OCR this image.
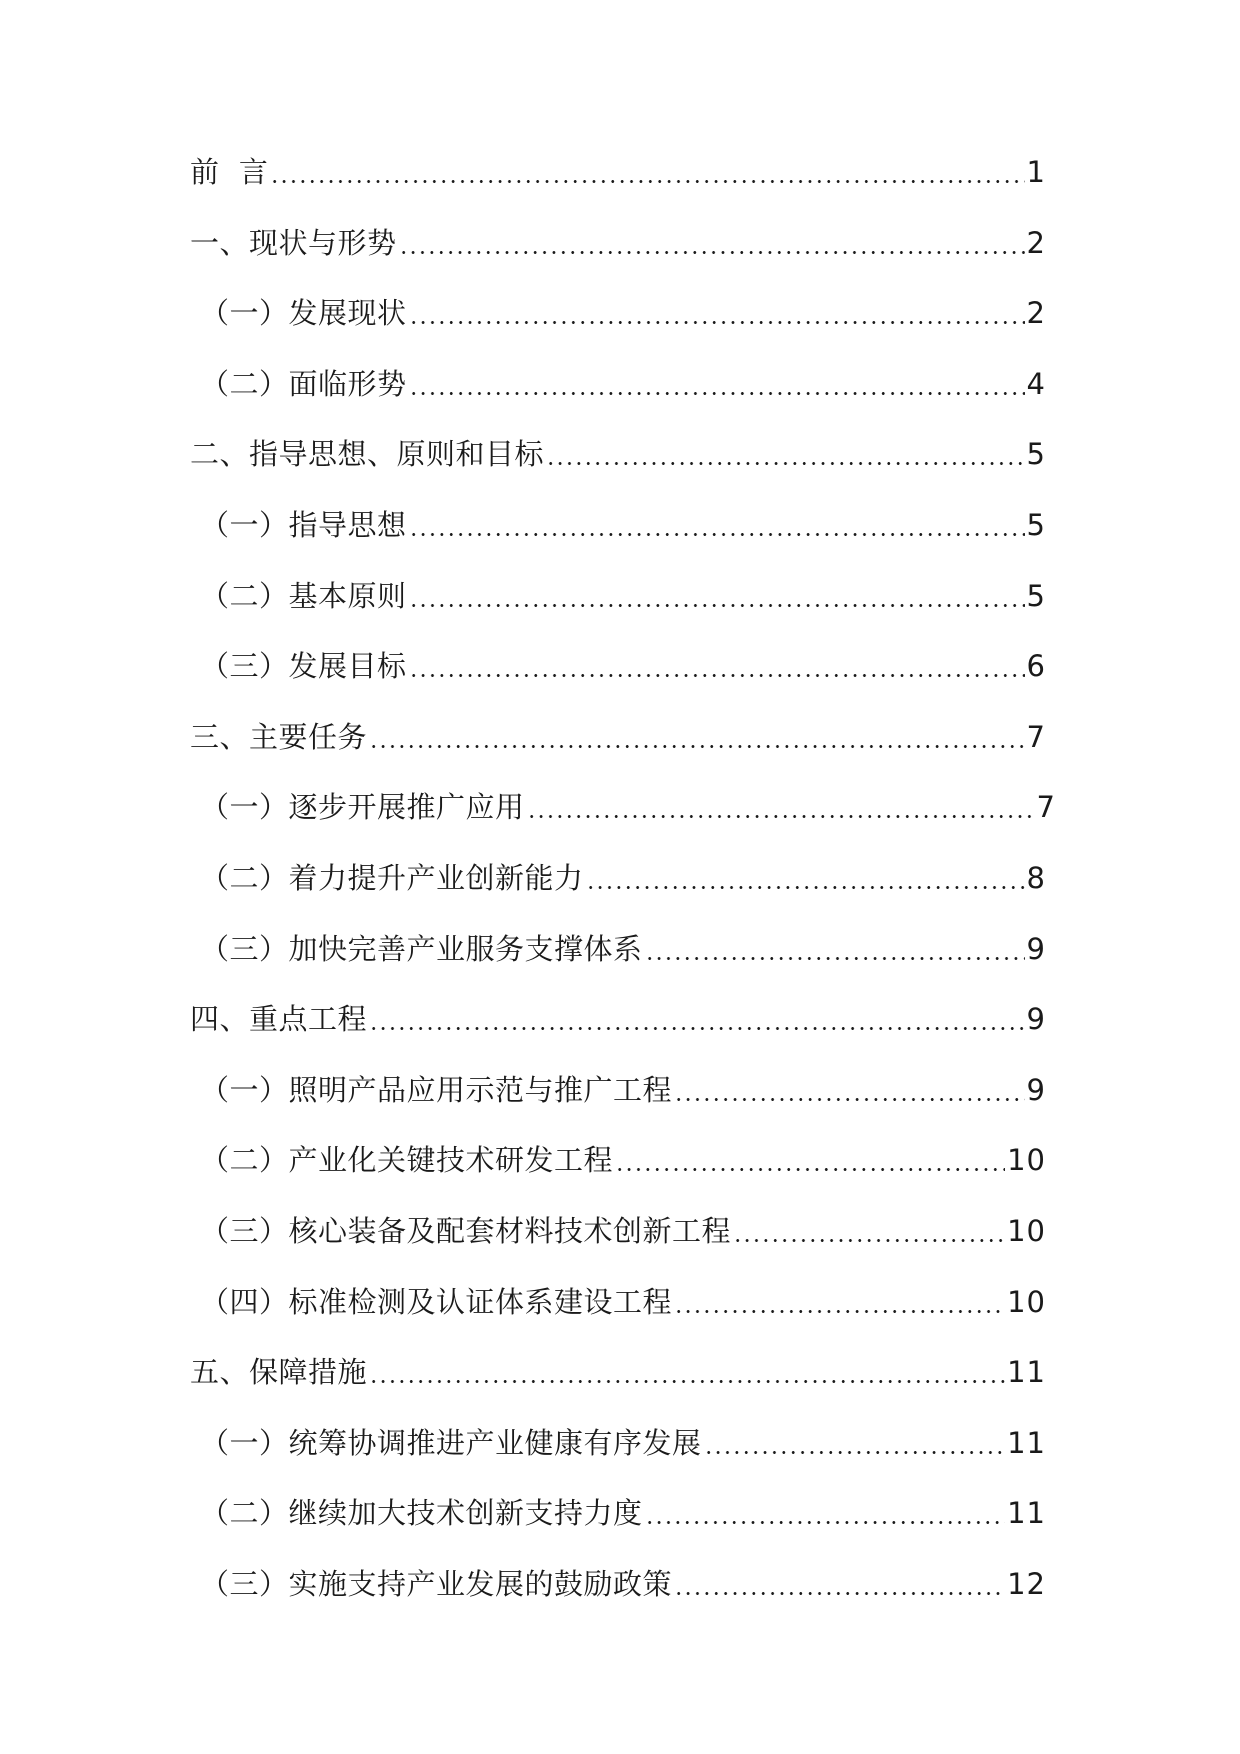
前  言	1
一、现状与形势	2
（一）发展现状	2
（二）面临形势	4
二、指导思想、原则和目标	5
（一）指导思想	5
（二）基本原则	5
（三）发展目标	6
三、主要任务	7
（一）逐步开展推广应用	7
（二）着力提升产业创新能力	8
（三）加快完善产业服务支撑体系	9
四、重点工程	9
（一）照明产品应用示范与推广工程	9
（二）产业化关键技术研发工程	10
（三）核心装备及配套材料技术创新工程	10
（四）标准检测及认证体系建设工程	10
五、保障措施	11
（一）统筹协调推进产业健康有序发展	11
（二）继续加大技术创新支持力度	11
（三）实施支持产业发展的鼓励政策	12
